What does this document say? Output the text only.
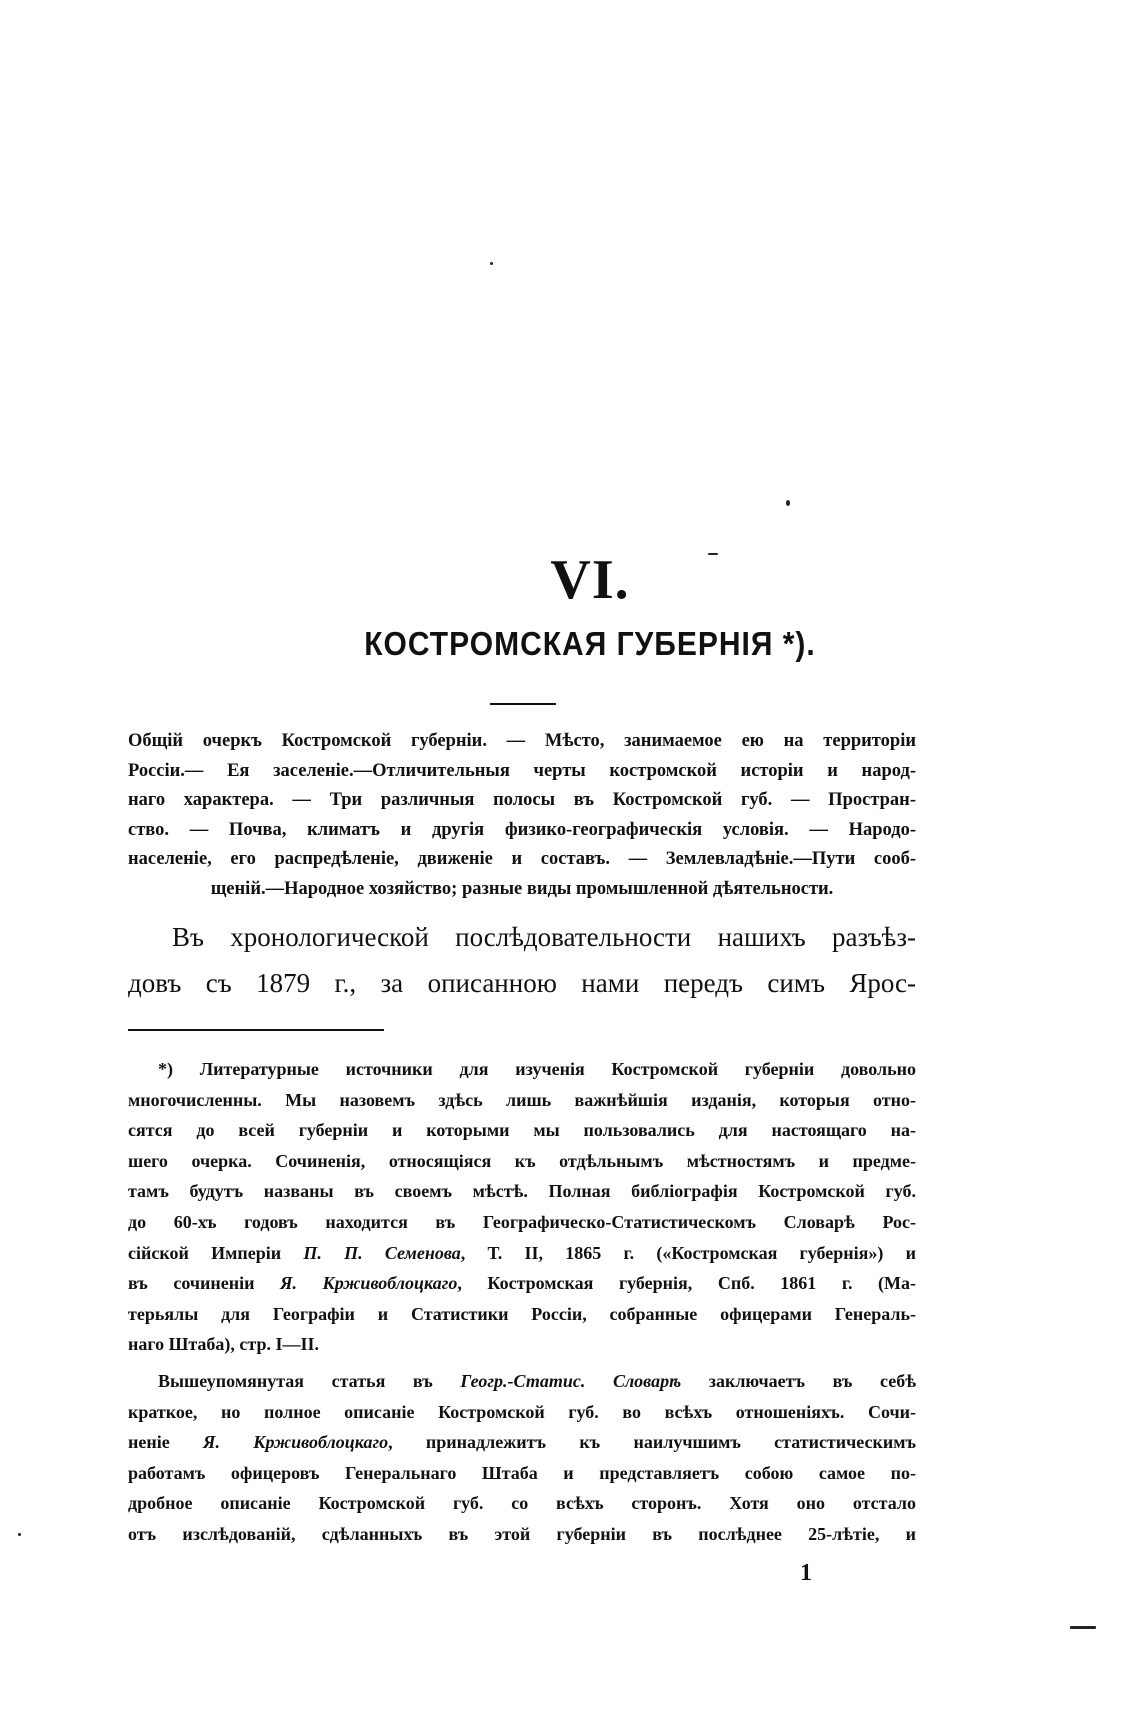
VI.
КОСТРОМСКАЯ ГУБЕРНІЯ *).
Общій очеркъ Костромской губерніи. — Мѣсто, занимаемое ею на территоріи
Россіи.— Ея заселеніе.—Отличительныя черты костромской исторіи и народ-
наго характера. — Три различныя полосы въ Костромской губ. — Простран-
ство. — Почва, климатъ и другія физико-географическія условія. — Народо-
населеніе, его распредѣленіе, движеніе и составъ. — Землевладѣніе.—Пути сооб-
щеній.—Народное хозяйство; разные виды промышленной дѣятельности.
Въ хронологической послѣдовательности нашихъ разъѣз-
довъ съ 1879 г., за описанною нами передъ симъ Ярос-
*) Литературные источники для изученія Костромской губерніи довольно
многочисленны. Мы назовемъ здѣсь лишь важнѣйшія изданія, которыя отно-
сятся до всей губерніи и которыми мы пользовались для настоящаго на-
шего очерка. Сочиненія, относящіяся къ отдѣльнымъ мѣстностямъ и предме-
тамъ будутъ названы въ своемъ мѣстѣ. Полная библіографія Костромской губ.
до 60-хъ годовъ находится въ Географическо-Статистическомъ Словарѣ Рос-
сійской Имперіи П. П. Семенова, Т. II, 1865 г. («Костромская губернія») и
въ сочиненіи Я. Крживоблоцкаго, Костромская губернія, Спб. 1861 г. (Ма-
терьялы для Географіи и Статистики Россіи, собранные офицерами Генераль-
наго Штаба), стр. I—II.
Вышеупомянутая статья въ Геогр.-Статис. Словарѣ заключаетъ въ себѣ
краткое, но полное описаніе Костромской губ. во всѣхъ отношеніяхъ. Сочи-
неніе Я. Крживоблоцкаго, принадлежитъ къ наилучшимъ статистическимъ
работамъ офицеровъ Генеральнаго Штаба и представляетъ собою самое по-
дробное описаніе Костромской губ. со всѣхъ сторонъ. Хотя оно отстало
отъ изслѣдованій, сдѣланныхъ въ этой губерніи въ послѣднее 25-лѣтіе, и
1
